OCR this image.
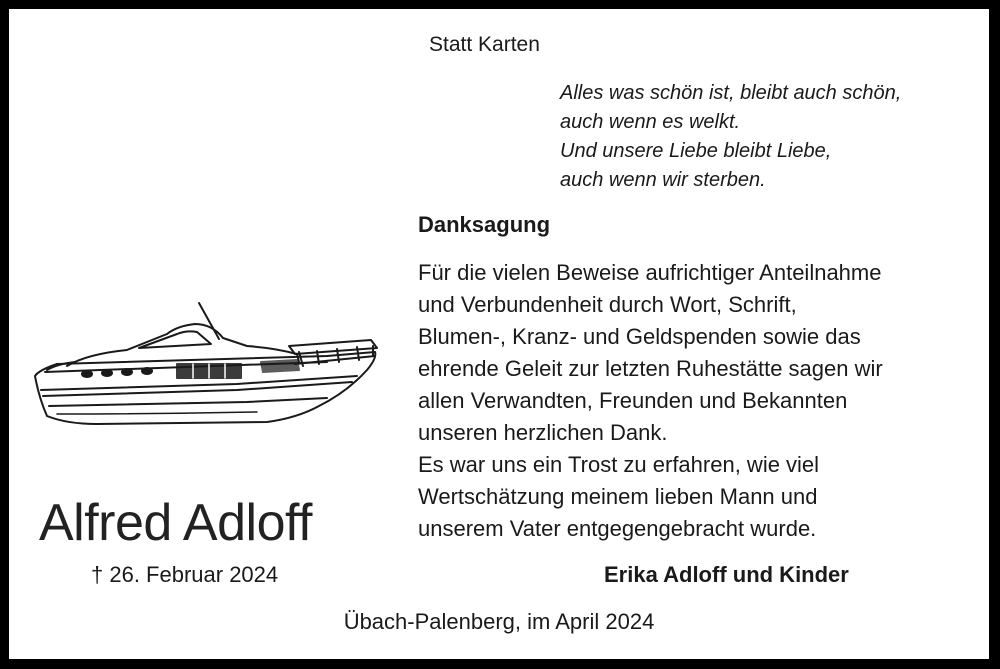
Statt Karten
Alles was schön ist, bleibt auch schön,
auch wenn es welkt.
Und unsere Liebe bleibt Liebe,
auch wenn wir sterben.
Danksagung
Für die vielen Beweise aufrichtiger Anteilnahme
und Verbundenheit durch Wort, Schrift,
Blumen-, Kranz- und Geldspenden sowie das
ehrende Geleit zur letzten Ruhestätte sagen wir
allen Verwandten, Freunden und Bekannten
unseren herzlichen Dank.
Es war uns ein Trost zu erfahren, wie viel
Wertschätzung meinem lieben Mann und
unserem Vater entgegengebracht wurde.
Alfred Adloff
† 26. Februar 2024	Erika Adloff und Kinder
Übach-Palenberg, im April 2024
